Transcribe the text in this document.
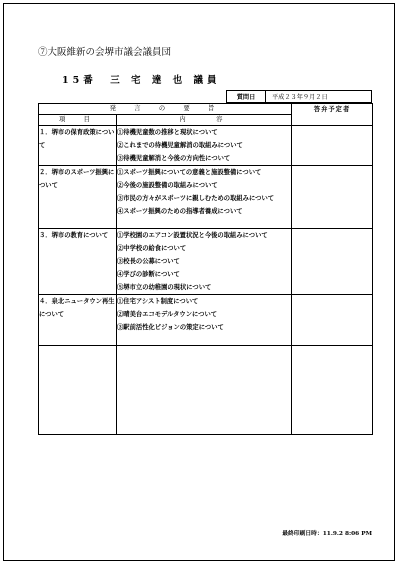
⑦大阪維新の会堺市議会議員団
15番　三 宅 達 也 議員
質問日	平成２３年９月２日
発　言　の　要　旨		答弁予定者
項　目	内　　容	
１．堺市の保育政策について	①待機児童数の推移と現状について
②これまでの待機児童解消の取組みについて
③待機児童解消と今後の方向性について	

２．堺市のスポーツ振興について	①スポーツ振興についての意義と施設整備について
②今後の施設整備の取組みについて
③市民の方々がスポーツに親しむための取組みについて
④スポーツ振興のための指導者養成について	

３．堺市の教育について	①学校園のエアコン設置状況と今後の取組みについて
②中学校の給食について
③校長の公募について
④学びの診断について
⑤堺市立の幼稚園の現状について	

４．泉北ニュータウン再生について	①住宅アシスト制度について
②晴美台エコモデルタウンについて
③駅前活性化ビジョンの策定について	

最終印刷日時：11.9.2 8:06 PM
